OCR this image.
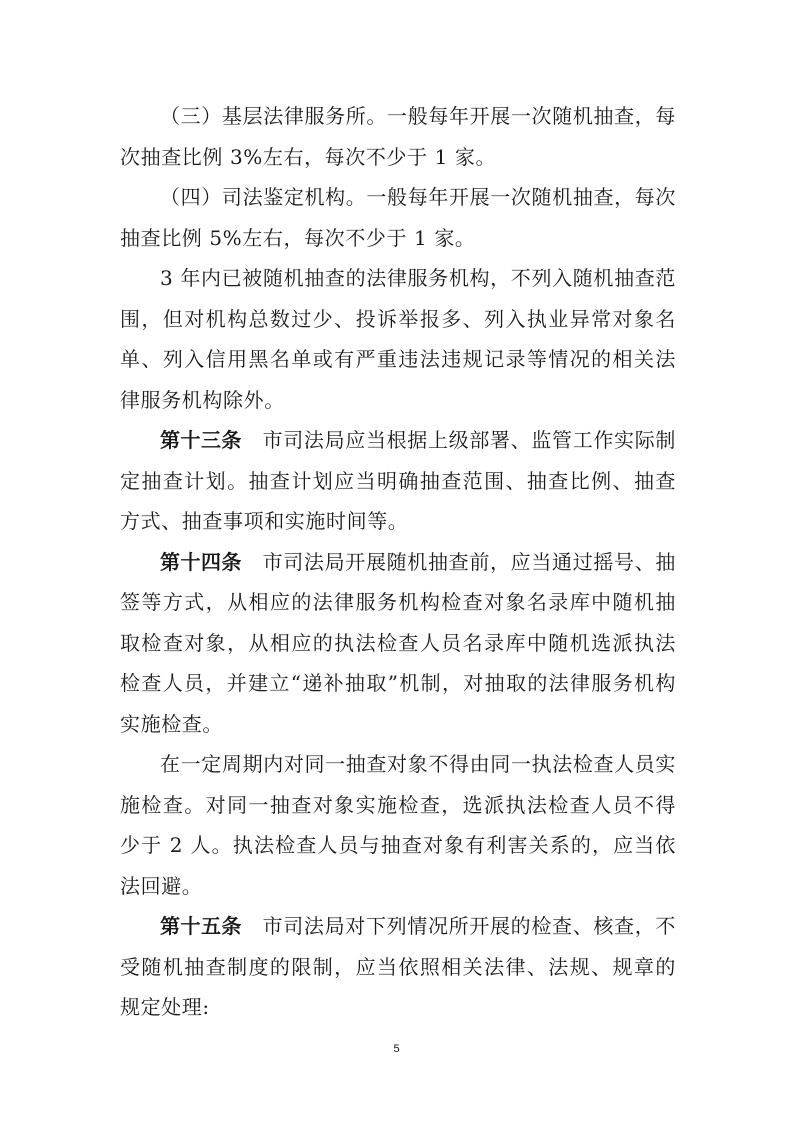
（三）基层法律服务所。一般每年开展一次随机抽查，每次抽查比例 3%左右，每次不少于 1 家。

（四）司法鉴定机构。一般每年开展一次随机抽查，每次抽查比例 5%左右，每次不少于 1 家。

3 年内已被随机抽查的法律服务机构，不列入随机抽查范围，但对机构总数过少、投诉举报多、列入执业异常对象名单、列入信用黑名单或有严重违法违规记录等情况的相关法律服务机构除外。

第十三条　市司法局应当根据上级部署、监管工作实际制定抽查计划。抽查计划应当明确抽查范围、抽查比例、抽查方式、抽查事项和实施时间等。

第十四条　市司法局开展随机抽查前，应当通过摇号、抽签等方式，从相应的法律服务机构检查对象名录库中随机抽取检查对象，从相应的执法检查人员名录库中随机选派执法检查人员，并建立“递补抽取”机制，对抽取的法律服务机构实施检查。

在一定周期内对同一抽查对象不得由同一执法检查人员实施检查。对同一抽查对象实施检查，选派执法检查人员不得少于 2 人。执法检查人员与抽查对象有利害关系的，应当依法回避。

第十五条　市司法局对下列情况所开展的检查、核查，不受随机抽查制度的限制，应当依照相关法律、法规、规章的规定处理:

5
